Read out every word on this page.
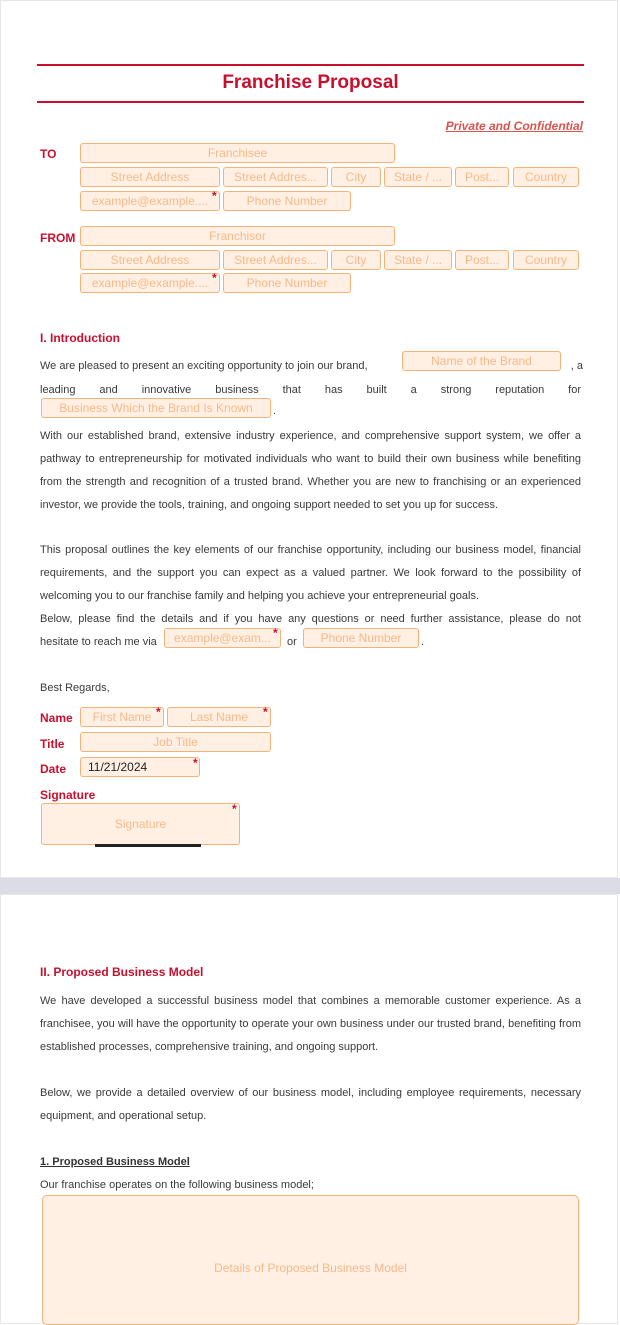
Franchise Proposal
Private and Confidential
TO	Franchisee
Street Address	Street Addres...	City	State / ...	Post...	Country
example@example.... *	Phone Number
FROM	Franchisor
Street Address	Street Addres...	City	State / ...	Post...	Country
example@example.... *	Phone Number
I. Introduction
We are pleased to present an exciting opportunity to join our brand,	Name of the Brand	, a
leading and innovative business that has built a strong reputation for
Business Which the Brand Is Known	.
With our established brand, extensive industry experience, and comprehensive support system, we offer a pathway to entrepreneurship for motivated individuals who want to build their own business while benefiting from the strength and recognition of a trusted brand. Whether you are new to franchising or an experienced investor, we provide the tools, training, and ongoing support needed to set you up for success.
This proposal outlines the key elements of our franchise opportunity, including our business model, financial requirements, and the support you can expect as a valued partner. We look forward to the possibility of welcoming you to our franchise family and helping you achieve your entrepreneurial goals.
Below, please find the details and if you have any questions or need further assistance, please do not
hesitate to reach me via	example@exam... *
or	Phone Number	.
Best Regards,
Name	First Name *	Last Name	*
Title	Job Title
Date	11/21/2024	*
Signature
Signature
*
II. Proposed Business Model
We have developed a successful business model that combines a memorable customer experience. As a franchisee, you will have the opportunity to operate your own business under our trusted brand, benefiting from established processes, comprehensive training, and ongoing support.
Below, we provide a detailed overview of our business model, including employee requirements, necessary equipment, and operational setup.
1. Proposed Business Model
Our franchise operates on the following business model;
Details of Proposed Business Model
